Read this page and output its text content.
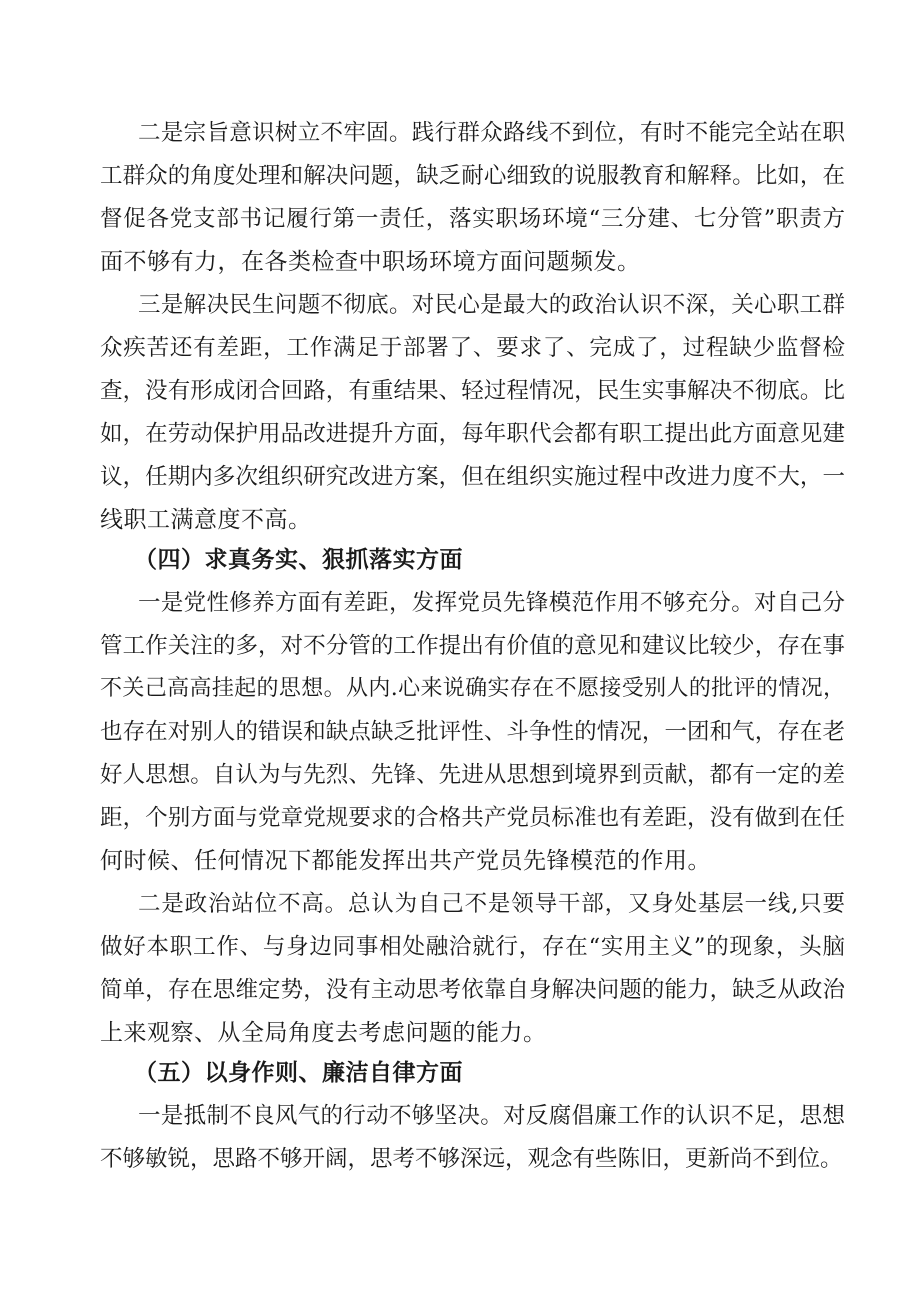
二是宗旨意识树立不牢固。践行群众路线不到位，有时不能完全站在职
工群众的角度处理和解决问题，缺乏耐心细致的说服教育和解释。比如，在
督促各党支部书记履行第一责任，落实职场环境“三分建、七分管”职责方
面不够有力，在各类检查中职场环境方面问题频发。
三是解决民生问题不彻底。对民心是最大的政治认识不深，关心职工群
众疾苦还有差距，工作满足于部署了、要求了、完成了，过程缺少监督检
查，没有形成闭合回路，有重结果、轻过程情况，民生实事解决不彻底。比
如，在劳动保护用品改进提升方面，每年职代会都有职工提出此方面意见建
议，任期内多次组织研究改进方案，但在组织实施过程中改进力度不大，一
线职工满意度不高。
（四）求真务实、狠抓落实方面
一是党性修养方面有差距，发挥党员先锋模范作用不够充分。对自己分
管工作关注的多，对不分管的工作提出有价值的意见和建议比较少，存在事
不关己高高挂起的思想。从内.心来说确实存在不愿接受别人的批评的情况，
也存在对别人的错误和缺点缺乏批评性、斗争性的情况，一团和气，存在老
好人思想。自认为与先烈、先锋、先进从思想到境界到贡献，都有一定的差
距，个别方面与党章党规要求的合格共产党员标准也有差距，没有做到在任
何时候、任何情况下都能发挥出共产党员先锋模范的作用。
二是政治站位不高。总认为自己不是领导干部，又身处基层一线,只要
做好本职工作、与身边同事相处融洽就行，存在“实用主义”的现象，头脑
简单，存在思维定势，没有主动思考依靠自身解决问题的能力，缺乏从政治
上来观察、从全局角度去考虑问题的能力。
（五）以身作则、廉洁自律方面
一是抵制不良风气的行动不够坚决。对反腐倡廉工作的认识不足，思想
不够敏锐，思路不够开阔，思考不够深远，观念有些陈旧，更新尚不到位。
